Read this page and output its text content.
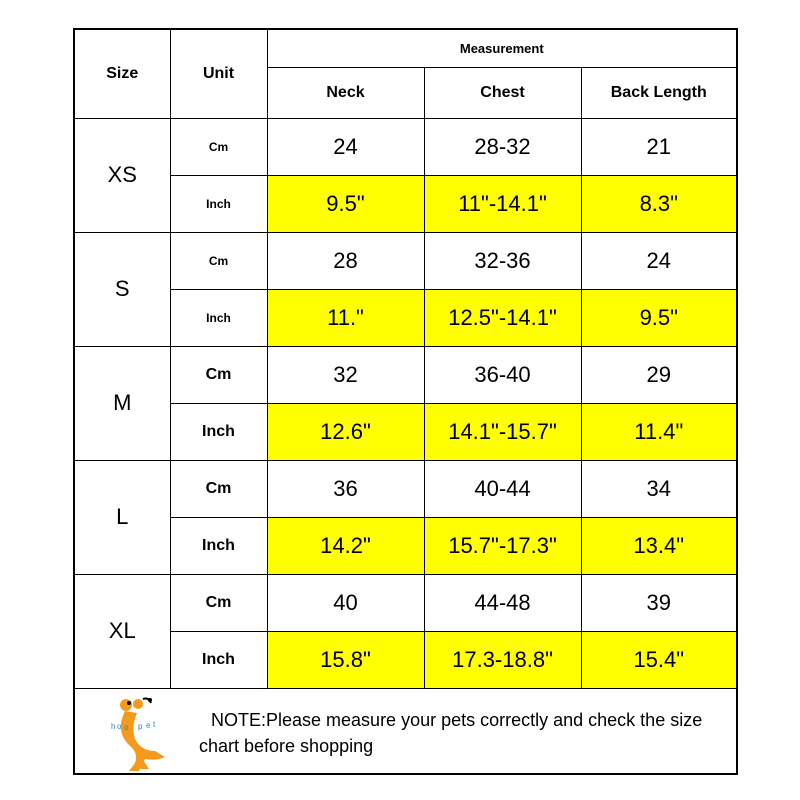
Size	Unit	Measurement		
		Neck	Chest	Back Length
XS	Cm	24	28-32	21
	Inch	9.5"	11"-14.1"	8.3"
S	Cm	28	32-36	24
	Inch	11."	12.5"-14.1"	9.5"
M	Cm	32	36-40	29
	Inch	12.6"	14.1"-15.7"	11.4"
L	Cm	36	40-44	34
	Inch	14.2"	15.7"-17.3"	13.4"
XL	Cm	40	44-48	39
	Inch	15.8"	17.3-18.8"	15.4"
h o o p e t	NOTE:Please measure your pets correctly and check the size chart before shopping
